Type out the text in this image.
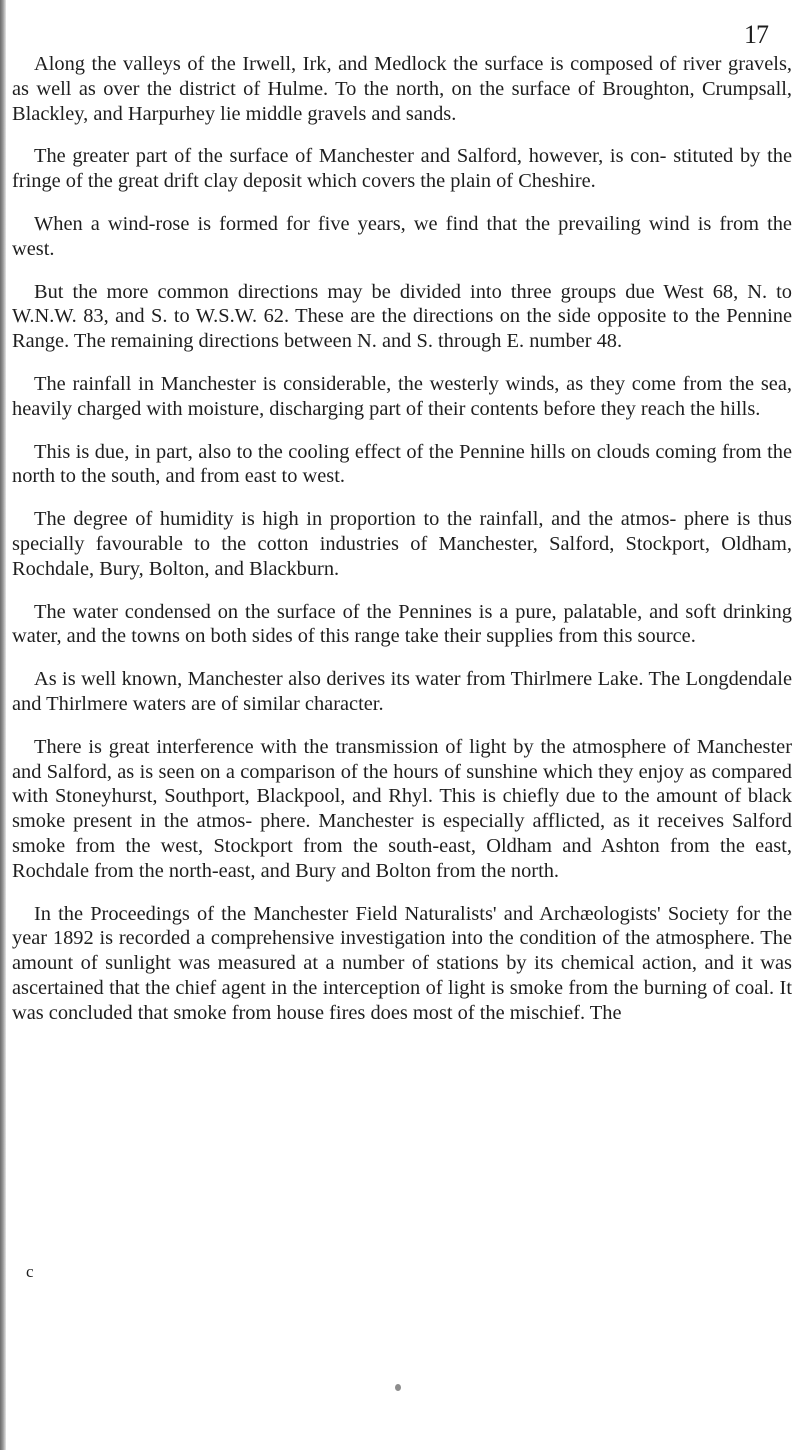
17

Along the valleys of the Irwell, Irk, and Medlock the surface is composed of river gravels, as well as over the district of Hulme. To the north, on the surface of Broughton, Crumpsall, Blackley, and Harpurhey lie middle gravels and sands.

The greater part of the surface of Manchester and Salford, however, is con- stituted by the fringe of the great drift clay deposit which covers the plain of Cheshire.

When a wind-rose is formed for five years, we find that the prevailing wind is from the west.

But the more common directions may be divided into three groups due West 68, N. to W.N.W. 83, and S. to W.S.W. 62. These are the directions on the side opposite to the Pennine Range. The remaining directions between N. and S. through E. number 48.

The rainfall in Manchester is considerable, the westerly winds, as they come from the sea, heavily charged with moisture, discharging part of their contents before they reach the hills.

This is due, in part, also to the cooling effect of the Pennine hills on clouds coming from the north to the south, and from east to west.

The degree of humidity is high in proportion to the rainfall, and the atmos- phere is thus specially favourable to the cotton industries of Manchester, Salford, Stockport, Oldham, Rochdale, Bury, Bolton, and Blackburn.

The water condensed on the surface of the Pennines is a pure, palatable, and soft drinking water, and the towns on both sides of this range take their supplies from this source.

As is well known, Manchester also derives its water from Thirlmere Lake. The Longdendale and Thirlmere waters are of similar character.

There is great interference with the transmission of light by the atmosphere of Manchester and Salford, as is seen on a comparison of the hours of sunshine which they enjoy as compared with Stoneyhurst, Southport, Blackpool, and Rhyl. This is chiefly due to the amount of black smoke present in the atmos- phere. Manchester is especially afflicted, as it receives Salford smoke from the west, Stockport from the south-east, Oldham and Ashton from the east, Rochdale from the north-east, and Bury and Bolton from the north.

In the Proceedings of the Manchester Field Naturalists' and Archæologists' Society for the year 1892 is recorded a comprehensive investigation into the condition of the atmosphere. The amount of sunlight was measured at a number of stations by its chemical action, and it was ascertained that the chief agent in the interception of light is smoke from the burning of coal. It was concluded that smoke from house fires does most of the mischief. The

c
